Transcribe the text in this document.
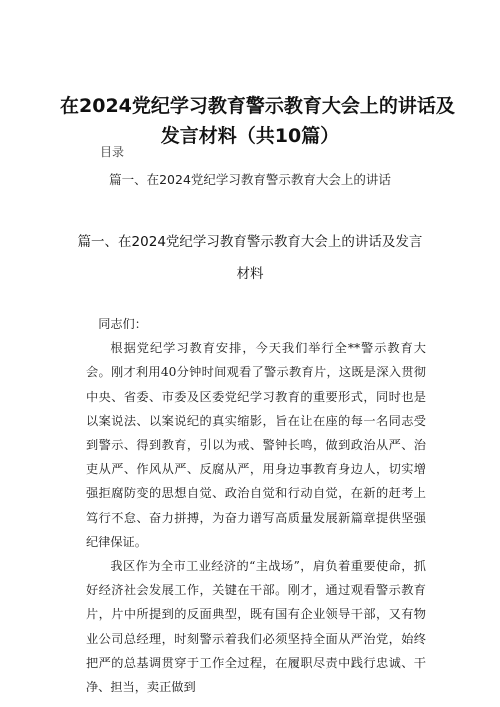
在2024党纪学习教育警示教育大会上的讲话及
发言材料（共10篇）
目录
篇一、在2024党纪学习教育警示教育大会上的讲话
篇一、在2024党纪学习教育警示教育大会上的讲话及发言
材料

同志们：

根据党纪学习教育安排，今天我们举行全**警示教育大会。刚才利用40分钟时间观看了警示教育片，这既是深入贯彻中央、省委、市委及区委党纪学习教育的重要形式，同时也是以案说法、以案说纪的真实缩影，旨在让在座的每一名同志受到警示、得到教育，引以为戒、警钟长鸣，做到政治从严、治吏从严、作风从严、反腐从严，用身边事教育身边人，切实增强拒腐防变的思想自觉、政治自觉和行动自觉，在新的赶考上笃行不怠、奋力拼搏，为奋力谱写高质量发展新篇章提供坚强纪律保证。

我区作为全市工业经济的“主战场”，肩负着重要使命，抓好经济社会发展工作，关键在干部。刚才，通过观看警示教育片，片中所提到的反面典型，既有国有企业领导干部，又有物业公司总经理，时刻警示着我们必须坚持全面从严治党，始终把严的总基调贯穿于工作全过程，在履职尽责中践行忠诚、干净、担当，卖正做到
